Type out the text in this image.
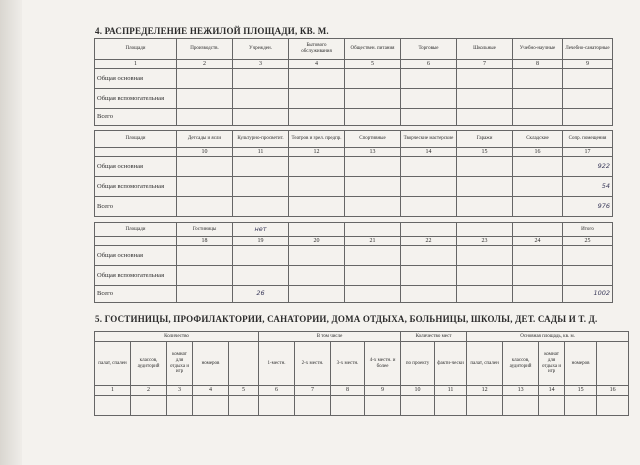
4. РАСПРЕДЕЛЕНИЕ НЕЖИЛОЙ ПЛОЩАДИ, КВ. М.
Площади	Производств.	Учрежден.	Бытового обслуживания	Обществен. питания	Торговые	Школьные	Учебно-научные	Лечебно-санаторные
1	2	3	4	5	6	7	8	9
Общая основная								
Общая вспомогательная								
Всего								
Площади	Детсады и ясли	Культурно-просветит.	Театров и зрел. предпр.	Спортивные	Творческие мастерские	Гаражи	Складские	Сопр. помещения
	10	11	12	13	14	15	16	17
Общая основная								922
Общая вспомогательная								54
Всего								976
Площади	Гостиницы	нет						Итого
	18	19	20	21	22	23	24	25
Общая основная								
Общая вспомогательная								
Всего		26						1002
5. ГОСТИНИЦЫ, ПРОФИЛАКТОРИИ, САНАТОРИИ, ДОМА ОТДЫХА, БОЛЬНИЦЫ, ШКОЛЫ, ДЕТ. САДЫ И Т. Д.
Количество					В том числе				Количество мест		Основная площадь, кв. м.				
палат, спален	классов, аудиторий	комнат для отдыха и игр	номеров		1-местн.	2-х местн.	3-х местн.	4-х местн. и более	по проекту	факти-чески	палат, спален	классов, аудиторий	комнат для отдыха и игр	номеров	
1	2	3	4	5	6	7	8	9	10	11	12	13	14	15	16
